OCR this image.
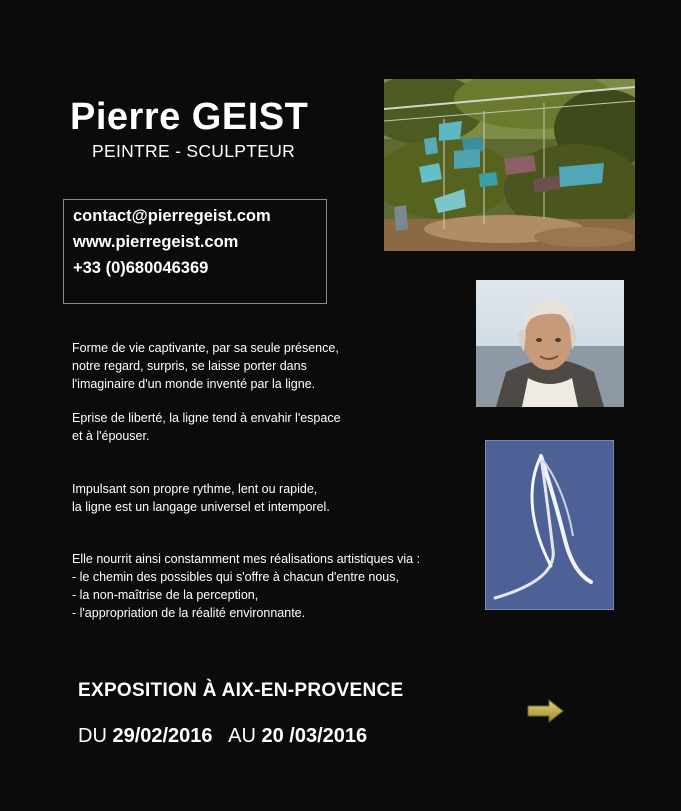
Pierre GEIST
PEINTRE - SCULPTEUR
contact@pierregeist.com
www.pierregeist.com
+33 (0)680046369
Forme de vie captivante, par sa seule présence,
notre regard, surpris, se laisse porter dans
l'imaginaire d'un monde inventé par la ligne.
Eprise de liberté, la ligne tend à envahir l'espace
et à l'épouser.
Impulsant son propre rythme, lent ou rapide,
la ligne est un langage universel et intemporel.
Elle nourrit ainsi constamment mes réalisations artistiques via :
- le chemin des possibles qui s'offre à chacun d'entre nous,
- la non-maîtrise de la perception,
- l'appropriation de la réalité environnante.
EXPOSITION À AIX-EN-PROVENCE
DU 29/02/2016 AU 20 /03/2016
